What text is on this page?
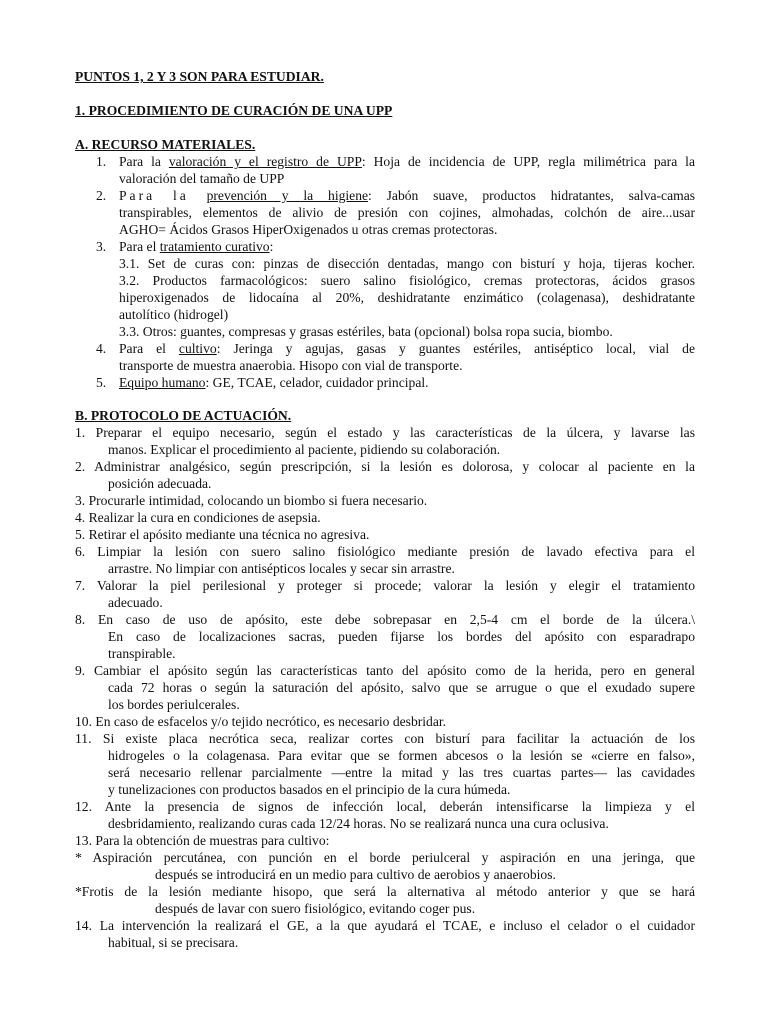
PUNTOS 1, 2 Y 3 SON PARA ESTUDIAR.
1. PROCEDIMIENTO DE CURACIÓN DE UNA UPP
A. RECURSO MATERIALES.
1. Para la valoración y el registro de UPP: Hoja de incidencia de UPP, regla milimétrica para la
valoración del tamaño de UPP
2. Para la prevención y la higiene: Jabón suave, productos hidratantes, salva-camas
transpirables, elementos de alivio de presión con cojines, almohadas, colchón de aire...usar
AGHO= Ácidos Grasos HiperOxigenados u otras cremas protectoras.
3. Para el tratamiento curativo:
3.1. Set de curas con: pinzas de disección dentadas, mango con bisturí y hoja, tijeras kocher.
3.2. Productos farmacológicos: suero salino fisiológico, cremas protectoras, ácidos grasos
hiperoxigenados de lidocaína al 20%, deshidratante enzimático (colagenasa), deshidratante
autolítico (hidrogel)
3.3. Otros: guantes, compresas y grasas estériles, bata (opcional) bolsa ropa sucia, biombo.
4. Para el cultivo: Jeringa y agujas, gasas y guantes estériles, antiséptico local, vial de
transporte de muestra anaerobia. Hisopo con vial de transporte.
5. Equipo humano: GE, TCAE, celador, cuidador principal.
B. PROTOCOLO DE ACTUACIÓN.
1. Preparar el equipo necesario, según el estado y las características de la úlcera, y lavarse las
manos. Explicar el procedimiento al paciente, pidiendo su colaboración.
2. Administrar analgésico, según prescripción, si la lesión es dolorosa, y colocar al paciente en la
posición adecuada.
3. Procurarle intimidad, colocando un biombo si fuera necesario.
4. Realizar la cura en condiciones de asepsia.
5. Retirar el apósito mediante una técnica no agresiva.
6. Limpiar la lesión con suero salino fisiológico mediante presión de lavado efectiva para el
arrastre. No limpiar con antisépticos locales y secar sin arrastre.
7. Valorar la piel perilesional y proteger si procede; valorar la lesión y elegir el tratamiento
adecuado.
8. En caso de uso de apósito, este debe sobrepasar en 2,5-4 cm el borde de la úlcera.\
En caso de localizaciones sacras, pueden fijarse los bordes del apósito con esparadrapo
transpirable.
9. Cambiar el apósito según las características tanto del apósito como de la herida, pero en general
cada 72 horas o según la saturación del apósito, salvo que se arrugue o que el exudado supere
los bordes periulcerales.
10. En caso de esfacelos y/o tejido necrótico, es necesario desbridar.
11. Si existe placa necrótica seca, realizar cortes con bisturí para facilitar la actuación de los
hidrogeles o la colagenasa. Para evitar que se formen abcesos o la lesión se «cierre en falso»,
será necesario rellenar parcialmente —entre la mitad y las tres cuartas partes— las cavidades
y tunelizaciones con productos basados en el principio de la cura húmeda.
12. Ante la presencia de signos de infección local, deberán intensificarse la limpieza y el
desbridamiento, realizando curas cada 12/24 horas. No se realizará nunca una cura oclusiva.
13. Para la obtención de muestras para cultivo:
* Aspiración percutánea, con punción en el borde periulceral y aspiración en una jeringa, que
después se introducirá en un medio para cultivo de aerobios y anaerobios.
*Frotis de la lesión mediante hisopo, que será la alternativa al método anterior y que se hará
después de lavar con suero fisiológico, evitando coger pus.
14. La intervención la realizará el GE, a la que ayudará el TCAE, e incluso el celador o el cuidador
habitual, si se precisara.
